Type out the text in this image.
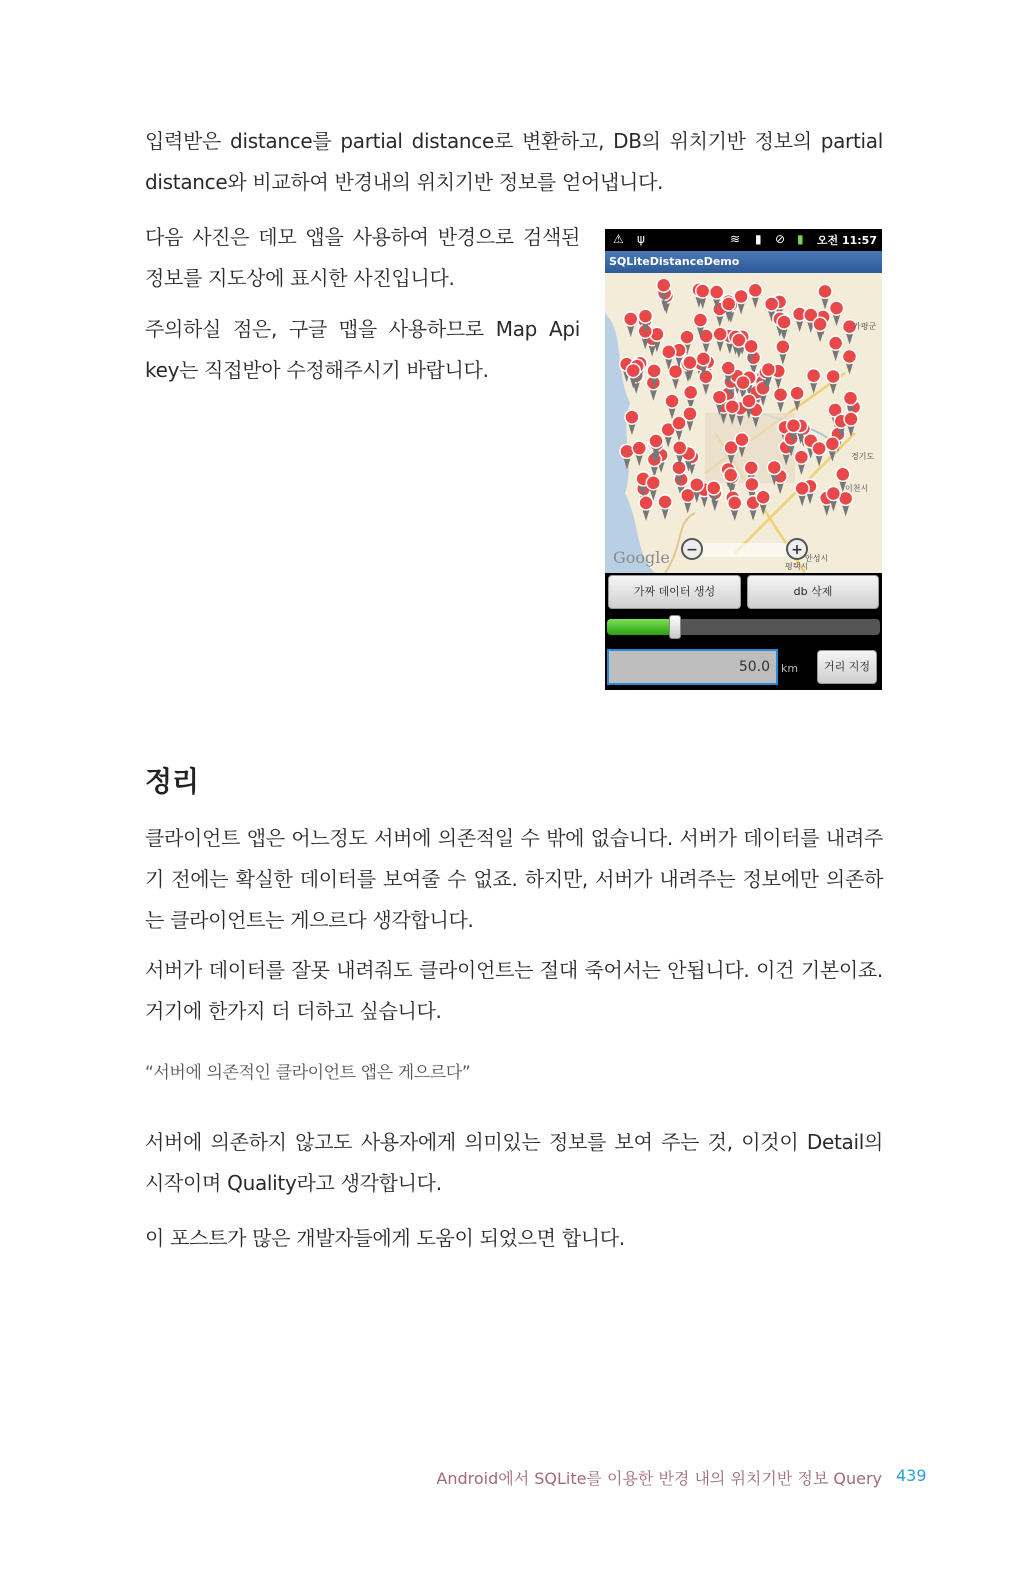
입력받은 distance를 partial distance로 변환하고, DB의 위치기반 정보의 partial distance와 비교하여 반경내의 위치기반 정보를 얻어냅니다.

다음 사진은 데모 앱을 사용하여 반경으로 검색된 정보를 지도상에 표시한 사진입니다.

주의하실 점은, 구글 맵을 사용하므로 Map Api key는 직접받아 수정해주시기 바랍니다.

⚠ ψ	≋ ▮ ⊘ ▮ 오전 11:57
SQLiteDistanceDemo
가평군
경기도
이천시
평택시
안성시
Google	−	+
가짜 데이터 생성	db 삭제
50.0	km	거리 지정
정리

클라이언트 앱은 어느정도 서버에 의존적일 수 밖에 없습니다. 서버가 데이터를 내려주기 전에는 확실한 데이터를 보여줄 수 없죠. 하지만, 서버가 내려주는 정보에만 의존하는 클라이언트는 게으르다 생각합니다.

서버가 데이터를 잘못 내려줘도 클라이언트는 절대 죽어서는 안됩니다. 이건 기본이죠. 거기에 한가지 더 더하고 싶습니다.

“서버에 의존적인 클라이언트 앱은 게으르다”

서버에 의존하지 않고도 사용자에게 의미있는 정보를 보여 주는 것, 이것이 Detail의 시작이며 Quality라고 생각합니다.

이 포스트가 많은 개발자들에게 도움이 되었으면 합니다.

Android에서 SQLite를 이용한 반경 내의 위치기반 정보 Query 439
